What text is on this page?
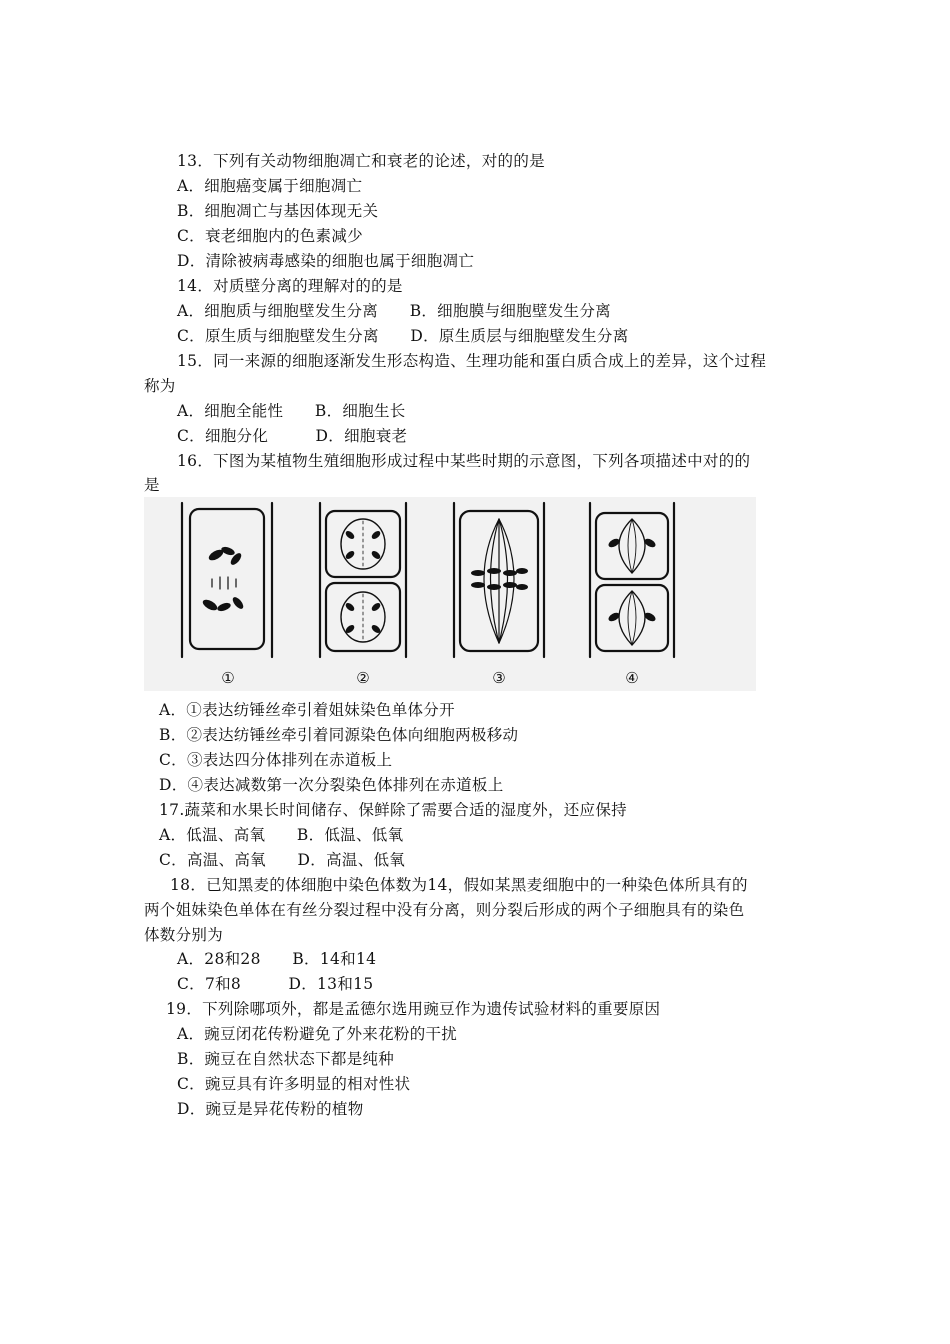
13．下列有关动物细胞凋亡和衰老的论述，对的的是
A．细胞癌变属于细胞凋亡
B．细胞凋亡与基因体现无关
C．衰老细胞内的色素减少
D．清除被病毒感染的细胞也属于细胞凋亡
14．对质壁分离的理解对的的是
A．细胞质与细胞壁发生分离　　B．细胞膜与细胞壁发生分离
C．原生质与细胞壁发生分离　　D．原生质层与细胞壁发生分离
15．同一来源的细胞逐渐发生形态构造、生理功能和蛋白质合成上的差异，这个过程
称为
A．细胞全能性　　B．细胞生长
C．细胞分化　　　D．细胞衰老
16．下图为某植物生殖细胞形成过程中某些时期的示意图，下列各项描述中对的的
是
①	②	③	④
A．①表达纺锤丝牵引着姐妹染色单体分开
B．②表达纺锤丝牵引着同源染色体向细胞两极移动
C．③表达四分体排列在赤道板上
D．④表达减数第一次分裂染色体排列在赤道板上
17.蔬菜和水果长时间储存、保鲜除了需要合适的湿度外，还应保持
A．低温、高氧　　B．低温、低氧
C．高温、高氧　　D．高温、低氧
18．已知黑麦的体细胞中染色体数为14，假如某黑麦细胞中的一种染色体所具有的
两个姐妹染色单体在有丝分裂过程中没有分离，则分裂后形成的两个子细胞具有的染色
体数分别为
A．28和28　　B．14和14
C．7和8　　　D．13和15
19．下列除哪项外，都是孟德尔选用豌豆作为遗传试验材料的重要原因
A．豌豆闭花传粉避免了外来花粉的干扰
B．豌豆在自然状态下都是纯种
C．豌豆具有许多明显的相对性状
D．豌豆是异花传粉的植物
